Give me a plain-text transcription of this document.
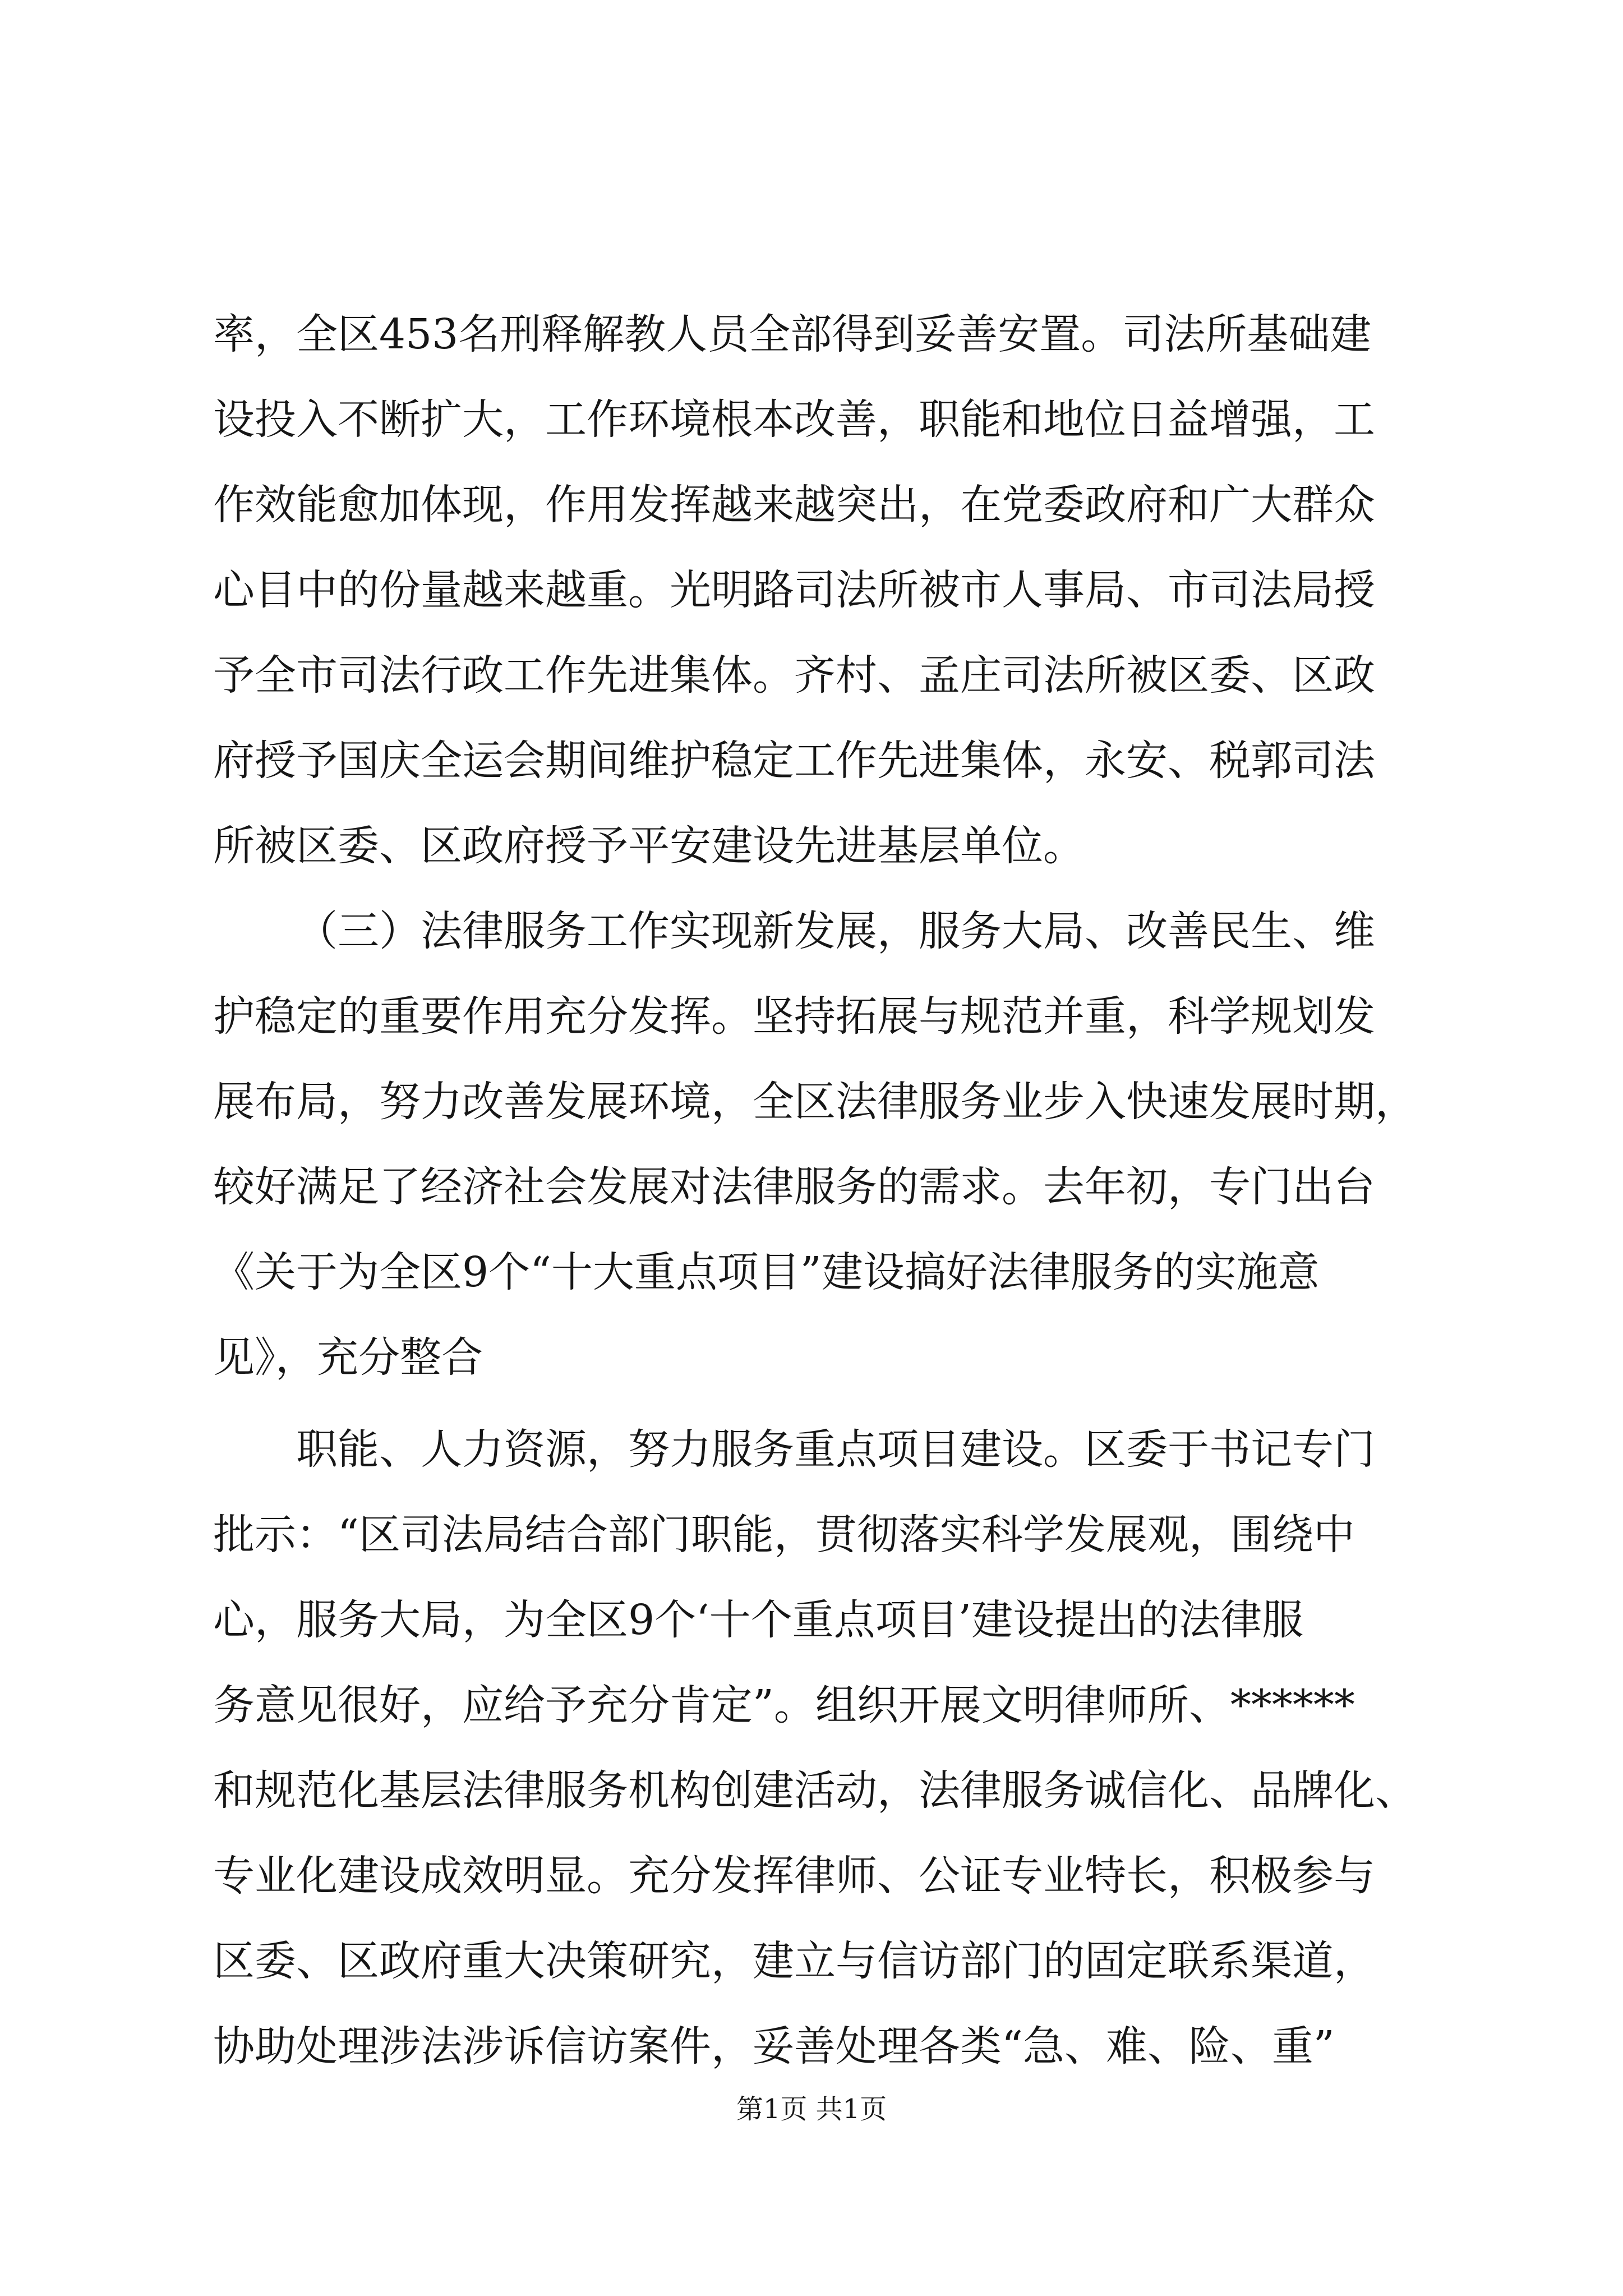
率，全区453名刑释解教人员全部得到妥善安置。司法所基础建
设投入不断扩大，工作环境根本改善，职能和地位日益增强，工
作效能愈加体现，作用发挥越来越突出，在党委政府和广大群众
心目中的份量越来越重。光明路司法所被市人事局、市司法局授
予全市司法行政工作先进集体。齐村、孟庄司法所被区委、区政
府授予国庆全运会期间维护稳定工作先进集体，永安、税郭司法
所被区委、区政府授予平安建设先进基层单位。
（三）法律服务工作实现新发展，服务大局、改善民生、维
护稳定的重要作用充分发挥。坚持拓展与规范并重，科学规划发
展布局，努力改善发展环境，全区法律服务业步入快速发展时期，
较好满足了经济社会发展对法律服务的需求。去年初，专门出台
《关于为全区9个“十大重点项目”建设搞好法律服务的实施意
见》，充分整合
职能、人力资源，努力服务重点项目建设。区委于书记专门
批示：“区司法局结合部门职能，贯彻落实科学发展观，围绕中
心，服务大局，为全区9个‘十个重点项目’建设提出的法律服
务意见很好，应给予充分肯定”。组织开展文明律师所、******
和规范化基层法律服务机构创建活动，法律服务诚信化、品牌化、
专业化建设成效明显。充分发挥律师、公证专业特长，积极参与
区委、区政府重大决策研究，建立与信访部门的固定联系渠道，
协助处理涉法涉诉信访案件，妥善处理各类“急、难、险、重”
第1页 共1页
